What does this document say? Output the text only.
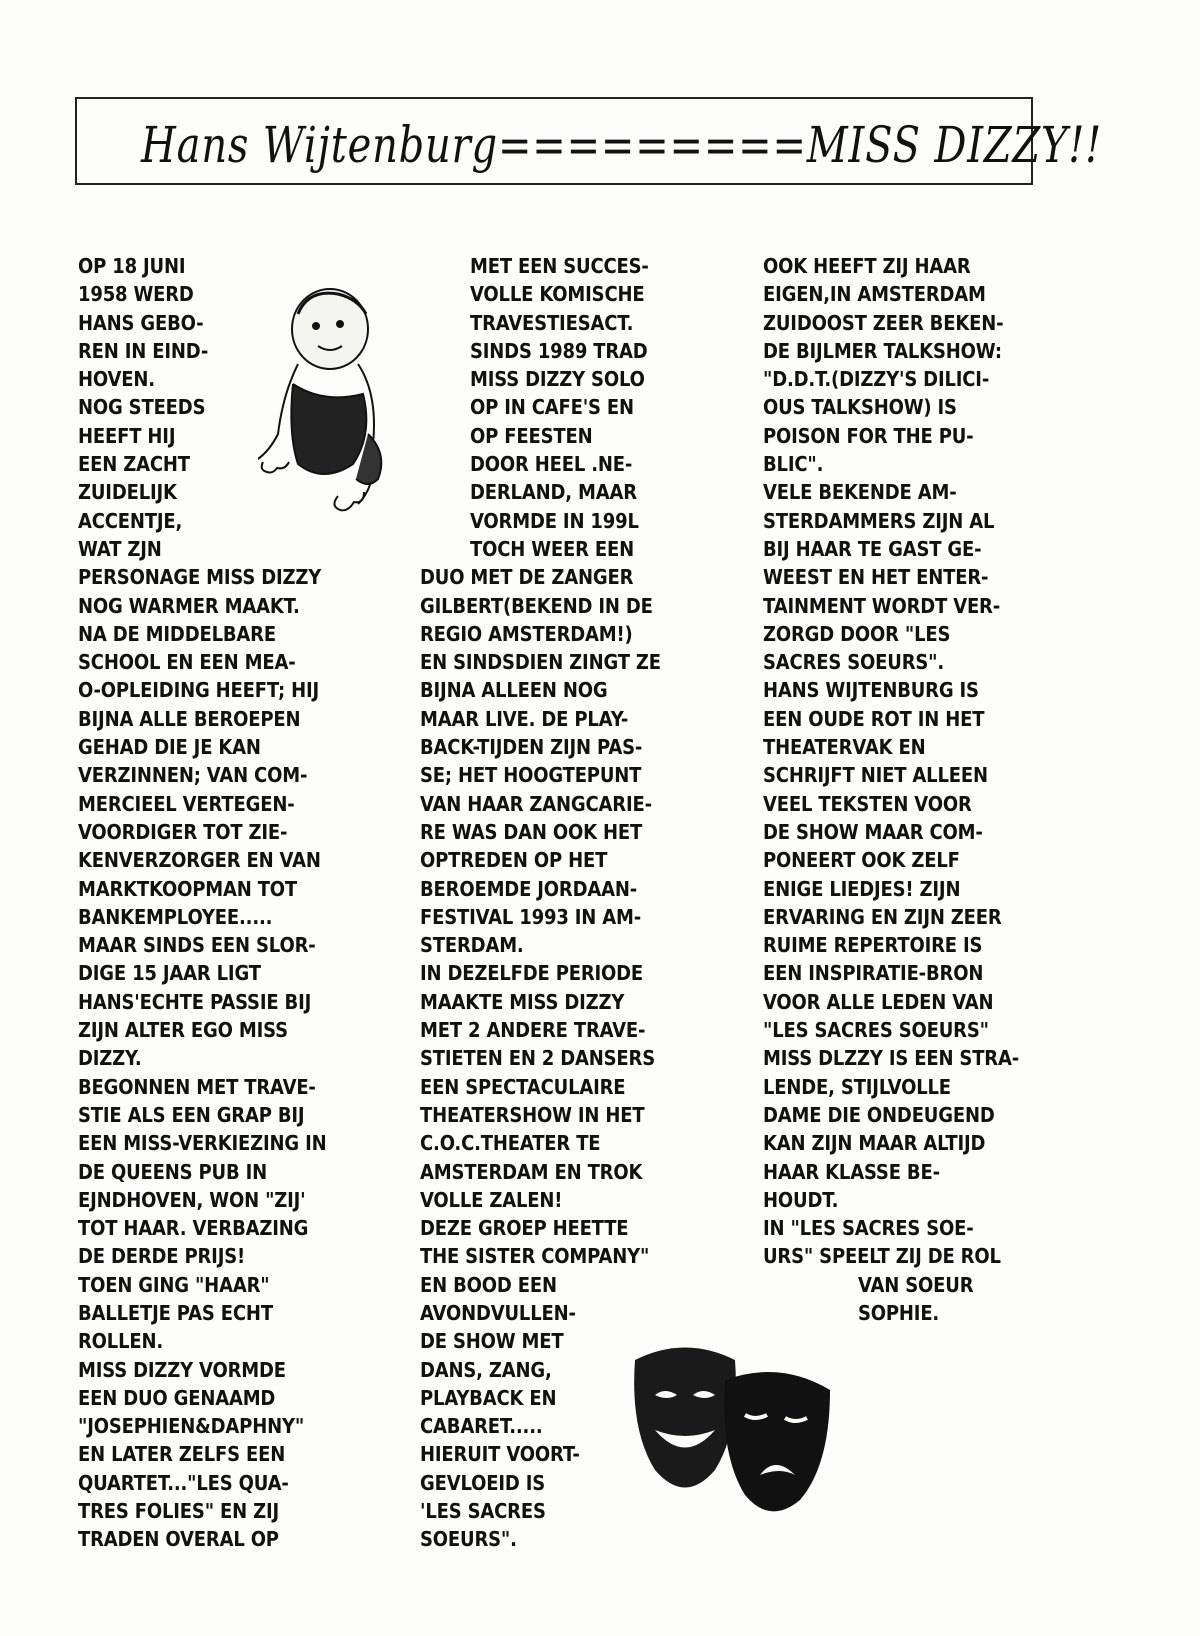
Hans Wijtenburg=========MISS DIZZY!!
OP 18 JUNI
1958 WERD
HANS GEBO-
REN IN EIND-
HOVEN.
NOG STEEDS
HEEFT HIJ
EEN ZACHT
ZUIDELIJK
ACCENTJE,
WAT ZJN
PERSONAGE MISS DIZZY
NOG WARMER MAAKT.
NA DE MIDDELBARE
SCHOOL EN EEN MEA-
O-OPLEIDING HEEFT; HIJ
BIJNA ALLE BEROEPEN
GEHAD DIE JE KAN
VERZINNEN; VAN COM-
MERCIEEL VERTEGEN-
VOORDIGER TOT ZIE-
KENVERZORGER EN VAN
MARKTKOOPMAN TOT
BANKEMPLOYEE.....
MAAR SINDS EEN SLOR-
DIGE 15 JAAR LIGT
HANS'ECHTE PASSIE BIJ
ZIJN ALTER EGO MISS
DIZZY.
BEGONNEN MET TRAVE-
STIE ALS EEN GRAP BIJ
EEN MISS-VERKIEZING IN
DE QUEENS PUB IN
EJNDHOVEN, WON "ZIJ'
TOT HAAR. VERBAZING
DE DERDE PRIJS!
TOEN GING "HAAR"
BALLETJE PAS ECHT
ROLLEN.
MISS DIZZY VORMDE
EEN DUO GENAAMD
"JOSEPHIEN&DAPHNY"
EN LATER ZELFS EEN
QUARTET..."LES QUA-
TRES FOLIES" EN ZIJ
TRADEN OVERAL OP
MET EEN SUCCES-
VOLLE KOMISCHE
TRAVESTIESACT.
SINDS 1989 TRAD
MISS DIZZY SOLO
OP IN CAFE'S EN
OP FEESTEN
DOOR HEEL .NE-
DERLAND, MAAR
VORMDE IN 199L
TOCH WEER EEN
DUO MET DE ZANGER
GILBERT(BEKEND IN DE
REGIO AMSTERDAM!)
EN SINDSDIEN ZINGT ZE
BIJNA ALLEEN NOG
MAAR LIVE. DE PLAY-
BACK-TIJDEN ZIJN PAS-
SE; HET HOOGTEPUNT
VAN HAAR ZANGCARIE-
RE WAS DAN OOK HET
OPTREDEN OP HET
BEROEMDE JORDAAN-
FESTIVAL 1993 IN AM-
STERDAM.
IN DEZELFDE PERIODE
MAAKTE MISS DIZZY
MET 2 ANDERE TRAVE-
STIETEN EN 2 DANSERS
EEN SPECTACULAIRE
THEATERSHOW IN HET
C.O.C.THEATER TE
AMSTERDAM EN TROK
VOLLE ZALEN!
DEZE GROEP HEETTE
THE SISTER COMPANY"
EN BOOD EEN
AVONDVULLEN-
DE SHOW MET
DANS, ZANG,
PLAYBACK EN
CABARET.....
HIERUIT VOORT-
GEVLOEID IS
'LES SACRES
SOEURS".
OOK HEEFT ZIJ HAAR
EIGEN,IN AMSTERDAM
ZUIDOOST ZEER BEKEN-
DE BIJLMER TALKSHOW:
"D.D.T.(DIZZY'S DILICI-
OUS TALKSHOW) IS
POISON FOR THE PU-
BLIC".
VELE BEKENDE AM-
STERDAMMERS ZIJN AL
BIJ HAAR TE GAST GE-
WEEST EN HET ENTER-
TAINMENT WORDT VER-
ZORGD DOOR "LES
SACRES SOEURS".
HANS WIJTENBURG IS
EEN OUDE ROT IN HET
THEATERVAK EN
SCHRIJFT NIET ALLEEN
VEEL TEKSTEN VOOR
DE SHOW MAAR COM-
PONEERT OOK ZELF
ENIGE LIEDJES! ZIJN
ERVARING EN ZIJN ZEER
RUIME REPERTOIRE IS
EEN INSPIRATIE-BRON
VOOR ALLE LEDEN VAN
"LES SACRES SOEURS"
MISS DLZZY IS EEN STRA-
LENDE, STIJLVOLLE
DAME DIE ONDEUGEND
KAN ZIJN MAAR ALTIJD
HAAR KLASSE BE-
HOUDT.
IN "LES SACRES SOE-
URS" SPEELT ZIJ DE ROL
VAN SOEUR
SOPHIE.
